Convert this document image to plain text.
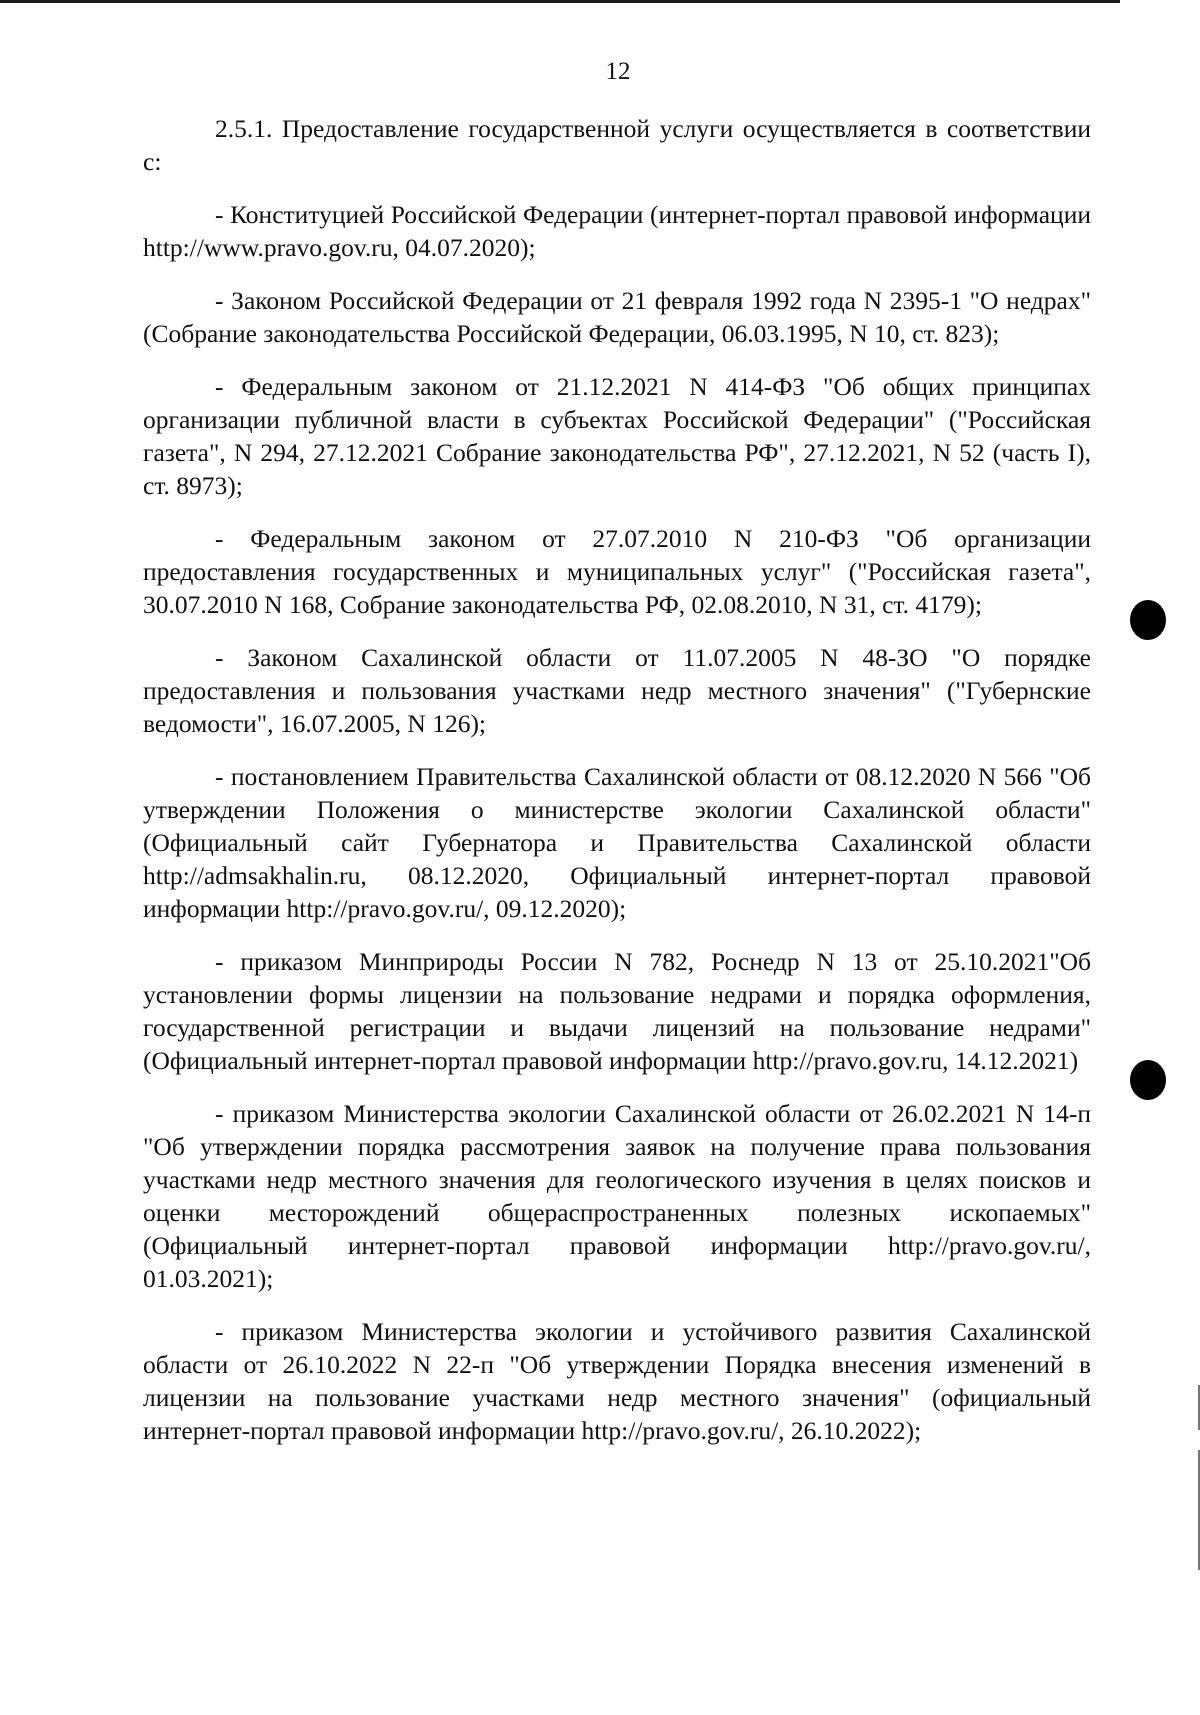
12

2.5.1. Предоставление государственной услуги осуществляется в соответствии с:

- Конституцией Российской Федерации (интернет-портал правовой информации http://www.pravo.gov.ru, 04.07.2020);

- Законом Российской Федерации от 21 февраля 1992 года N 2395-1 "О недрах" (Собрание законодательства Российской Федерации, 06.03.1995, N 10, ст. 823);

- Федеральным законом от 21.12.2021 N 414-ФЗ "Об общих принципах организации публичной власти в субъектах Российской Федерации" ("Российская газета", N 294, 27.12.2021 Собрание законодательства РФ", 27.12.2021, N 52 (часть I), ст. 8973);

- Федеральным законом от 27.07.2010 N 210-ФЗ "Об организации предоставления государственных и муниципальных услуг" ("Российская газета", 30.07.2010 N 168, Собрание законодательства РФ, 02.08.2010, N 31, ст. 4179);

- Законом Сахалинской области от 11.07.2005 N 48-ЗО "О порядке предоставления и пользования участками недр местного значения" ("Губернские ведомости", 16.07.2005, N 126);

- постановлением Правительства Сахалинской области от 08.12.2020 N 566 "Об утверждении Положения о министерстве экологии Сахалинской области" (Официальный сайт Губернатора и Правительства Сахалинской области http://admsakhalin.ru, 08.12.2020, Официальный интернет-портал правовой информации http://pravo.gov.ru/, 09.12.2020);

- приказом Минприроды России N 782, Роснедр N 13 от 25.10.2021"Об установлении формы лицензии на пользование недрами и порядка оформления, государственной регистрации и выдачи лицензий на пользование недрами" (Официальный интернет-портал правовой информации http://pravo.gov.ru, 14.12.2021)

- приказом Министерства экологии Сахалинской области от 26.02.2021 N 14-п "Об утверждении порядка рассмотрения заявок на получение права пользования участками недр местного значения для геологического изучения в целях поисков и оценки месторождений общераспространенных полезных ископаемых" (Официальный интернет-портал правовой информации http://pravo.gov.ru/, 01.03.2021);

- приказом Министерства экологии и устойчивого развития Сахалинской области от 26.10.2022 N 22-п "Об утверждении Порядка внесения изменений в лицензии на пользование участками недр местного значения" (официальный интернет-портал правовой информации http://pravo.gov.ru/, 26.10.2022);
